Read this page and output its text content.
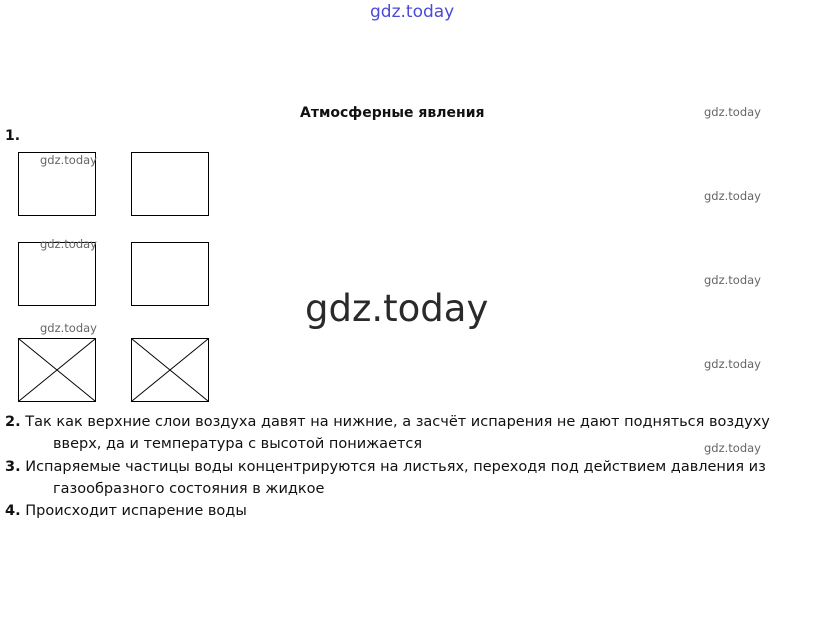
gdz.today
Атмосферные явления	gdz.today
gdz.today
gdz.today
gdz.today
gdz.today
1.
gdz.today
gdz.today
gdz.today	gdz.today
2. Так как верхние слои воздуха давят на нижние, а засчёт испарения не дают подняться воздуху
вверх, да и температура с высотой понижается
3. Испаряемые частицы воды концентрируются на листьях, переходя под действием давления из
газообразного состояния в жидкое
4. Происходит испарение воды
